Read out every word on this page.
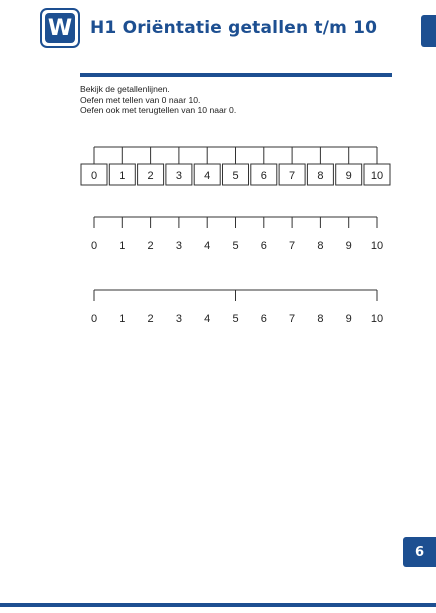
W H1 Oriëntatie getallen t/m 10
Bekijk de getallenlijnen.
Oefen met tellen van 0 naar 10.
Oefen ook met terugtellen van 10 naar 0.
0 1 2 3 4 5 6 7 8 9 10
0 1 2 3 4 5 6 7 8 9 10
0 1 2 3 4 5 6 7 8 9 10
6
